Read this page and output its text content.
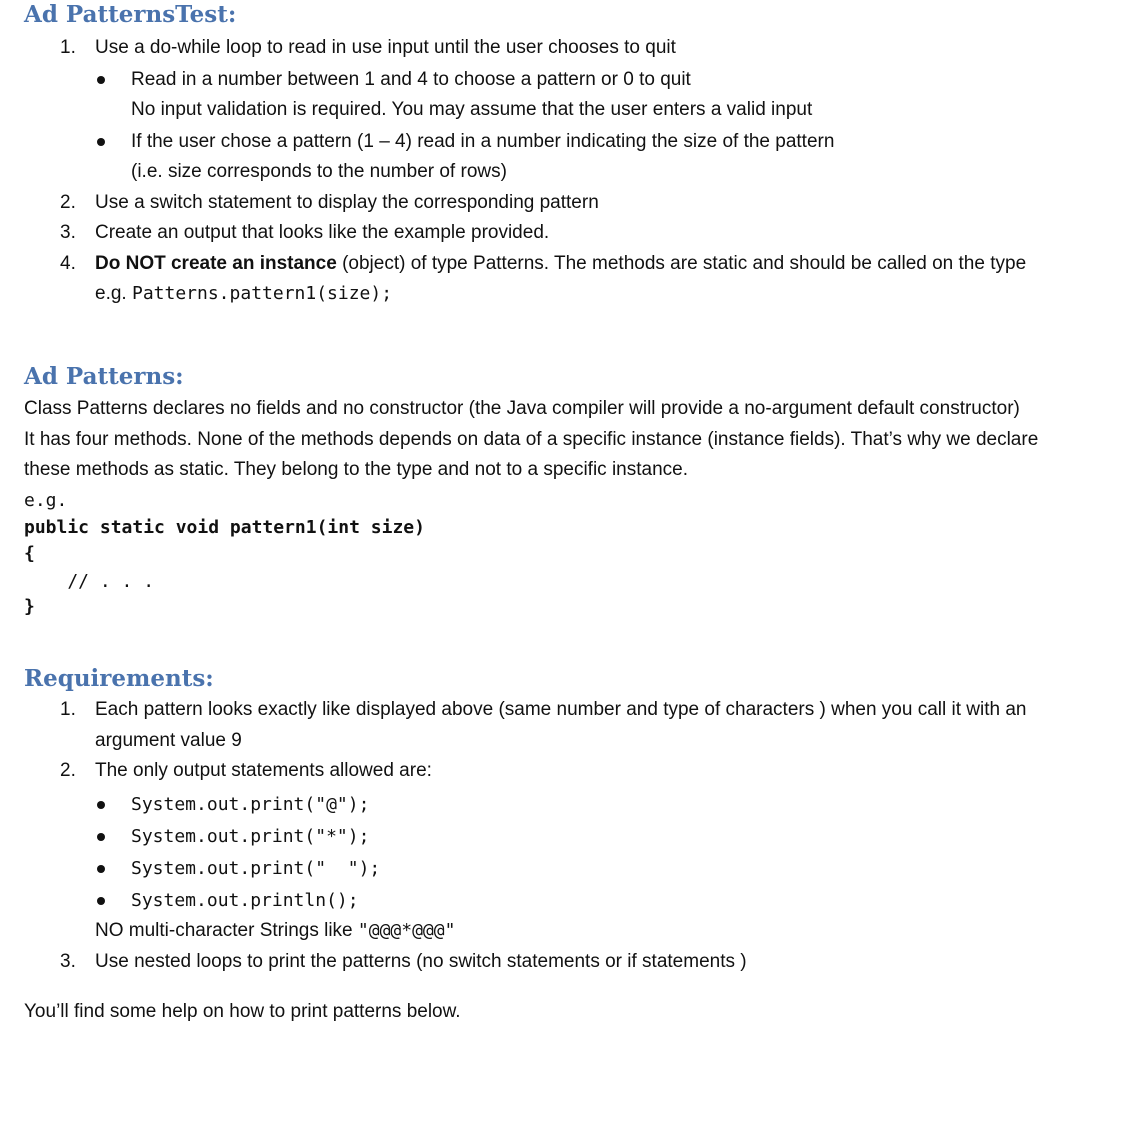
Ad PatternsTest:
1. Use a do-while loop to read in use input until the user chooses to quit

Read in a number between 1 and 4 to choose a pattern or 0 to quit

No input validation is required. You may assume that the user enters a valid input

If the user chose a pattern (1 – 4) read in a number indicating the size of the pattern

(i.e. size corresponds to the number of rows)

2. Use a switch statement to display the corresponding pattern

3. Create an output that looks like the example provided.

4. Do NOT create an instance (object) of type Patterns. The methods are static and should be called on the type

e.g. Patterns.pattern1(size);

Ad Patterns:

Class Patterns declares no fields and no constructor (the Java compiler will provide a no-argument default constructor)

It has four methods. None of the methods depends on data of a specific instance (instance fields). That’s why we declare

these methods as static. They belong to the type and not to a specific instance.

e.g.

public static void pattern1(int size)

{

// . . .

}

Requirements:
1. Each pattern looks exactly like displayed above (same number and type of characters ) when you call it with an

argument value 9

2. The only output statements allowed are:

System.out.print("@");

System.out.print("*");

System.out.print("  ");

System.out.println();

NO multi-character Strings like "@@@*@@@"

3. Use nested loops to print the patterns (no switch statements or if statements )

You’ll find some help on how to print patterns below.
